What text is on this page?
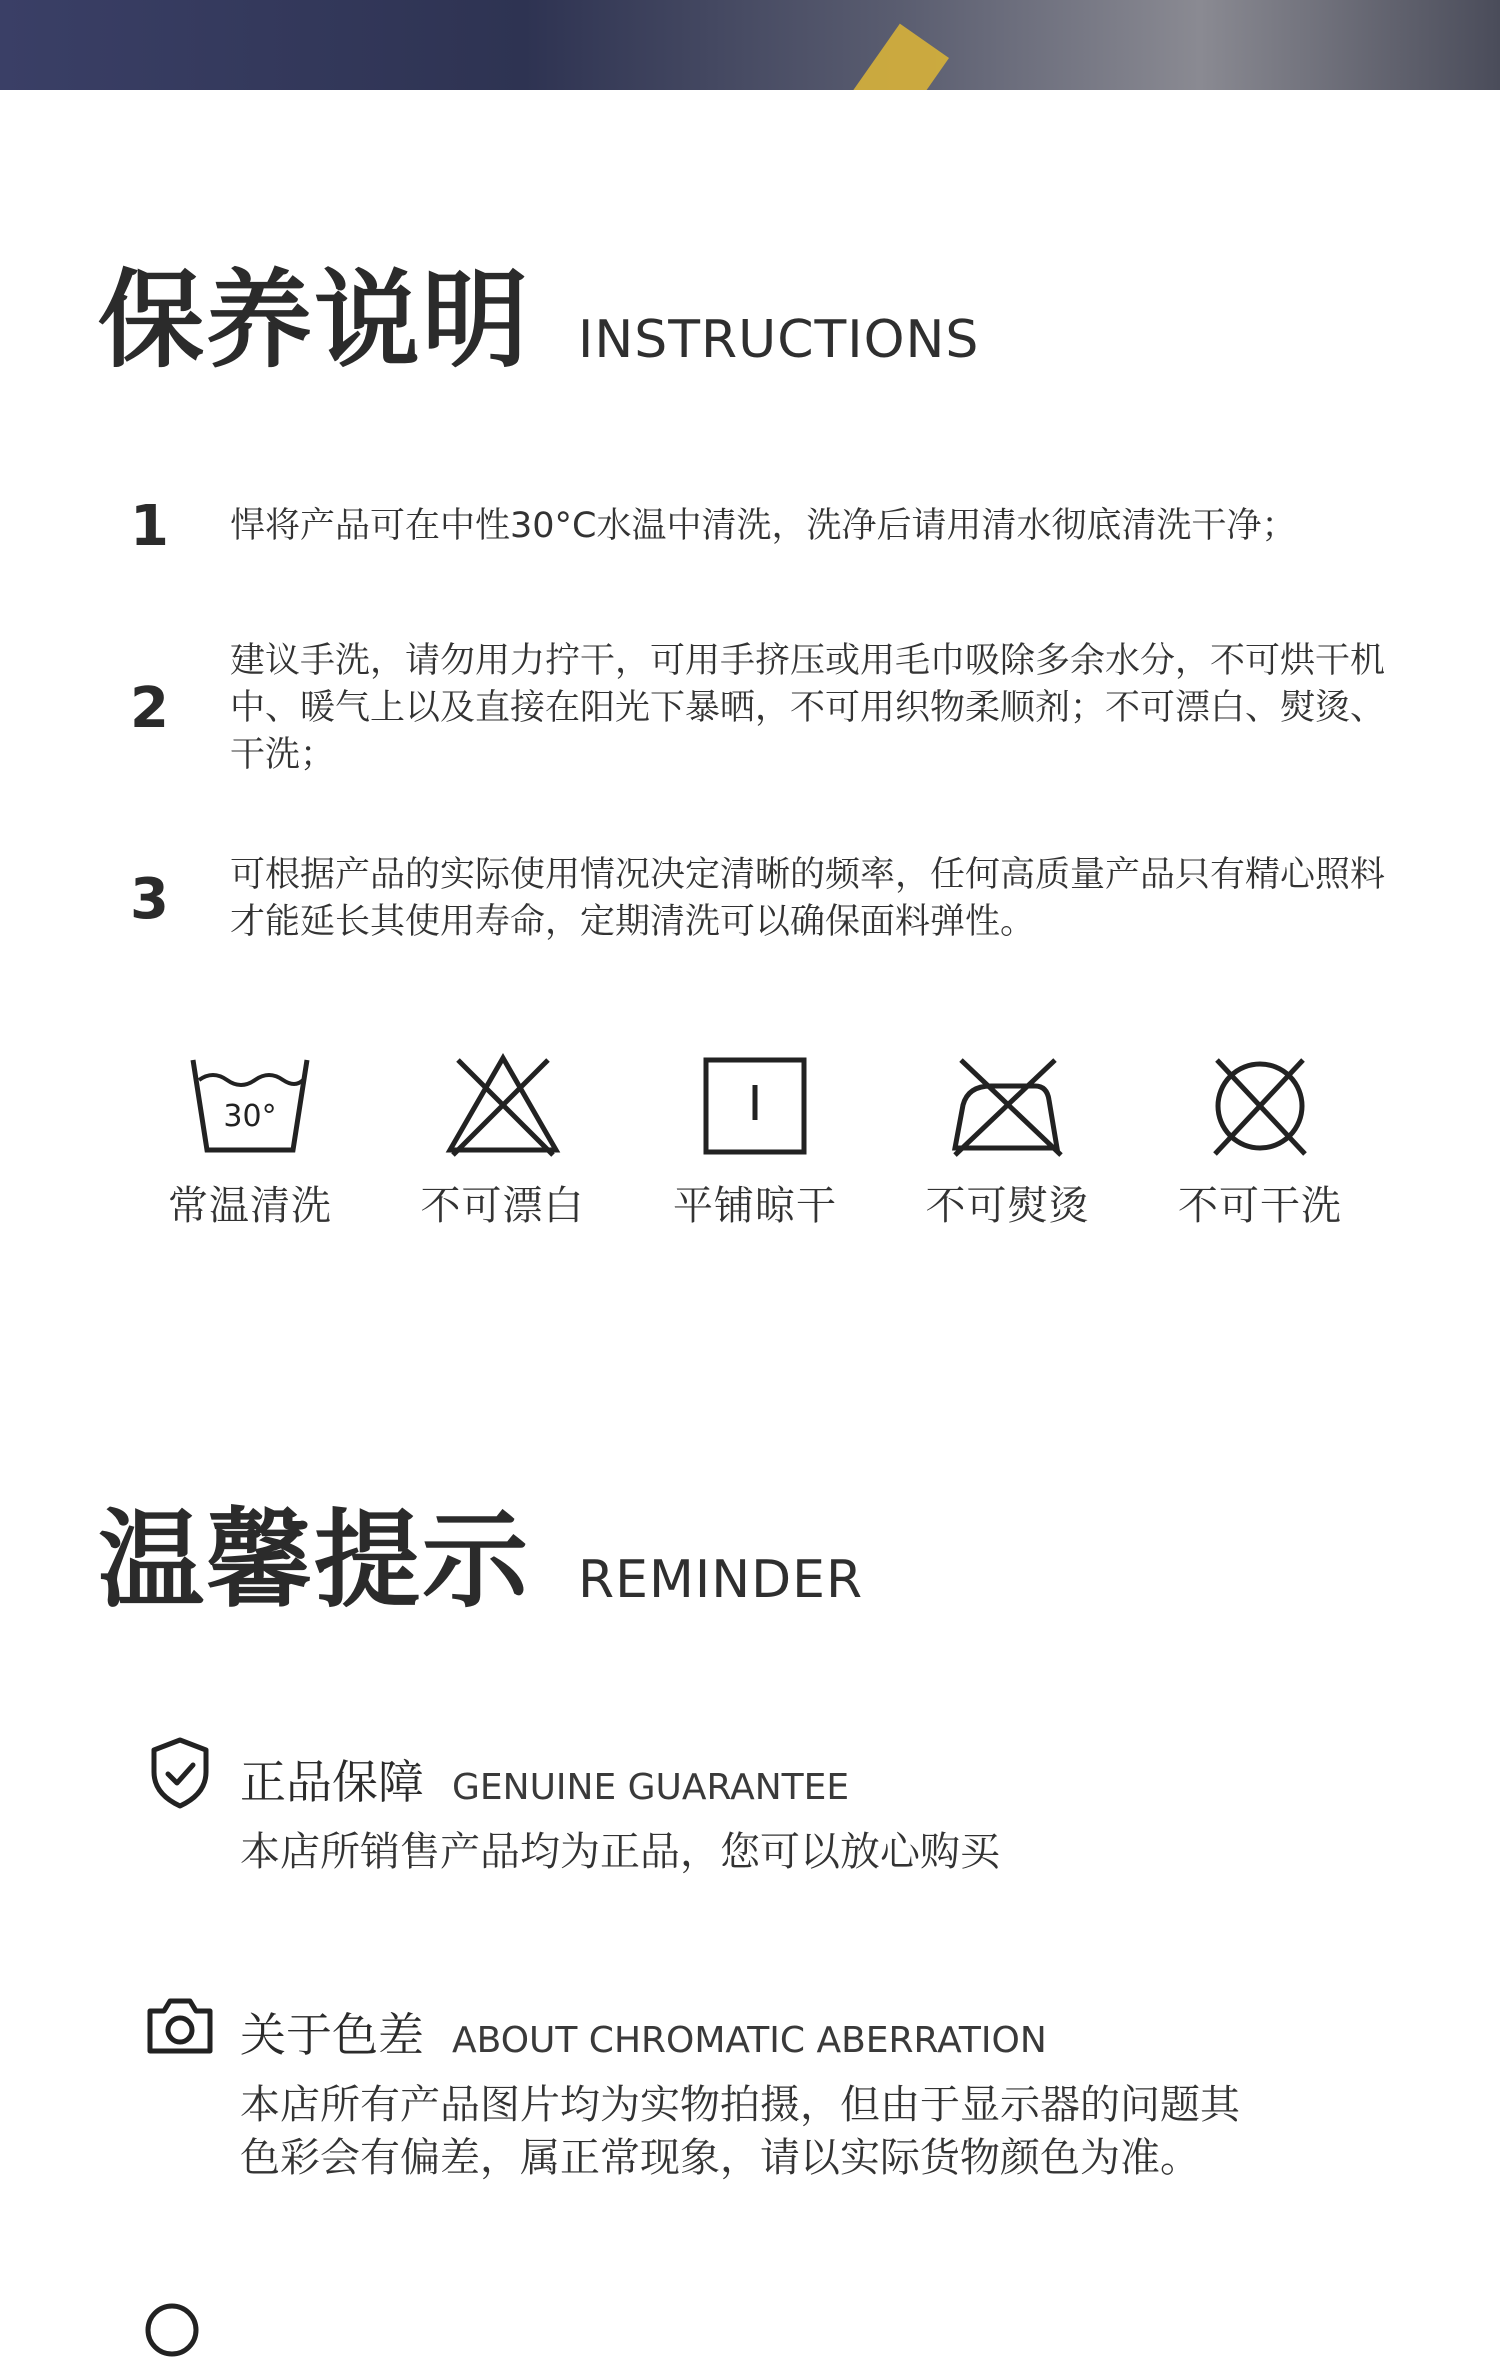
保养说明 INSTRUCTIONS
1	悍将产品可在中性30°C水温中清洗，洗净后请用清水彻底清洗干净；
2
建议手洗，请勿用力拧干，可用手挤压或用毛巾吸除多余水分，不可烘干机中、暖气上以及直接在阳光下暴晒，不可用织物柔顺剂；不可漂白、熨烫、干洗；
3	可根据产品的实际使用情况决定清晰的频率，任何高质量产品只有精心照料才能延长其使用寿命，定期清洗可以确保面料弹性。
30°
常温清洗 不可漂白 平铺晾干 不可熨烫 不可干洗
温馨提示 REMINDER
正品保障 GENUINE GUARANTEE
本店所销售产品均为正品，您可以放心购买
关于色差 ABOUT CHROMATIC ABERRATION
本店所有产品图片均为实物拍摄，但由于显示器的问题其色彩会有偏差，属正常现象，请以实际货物颜色为准。
